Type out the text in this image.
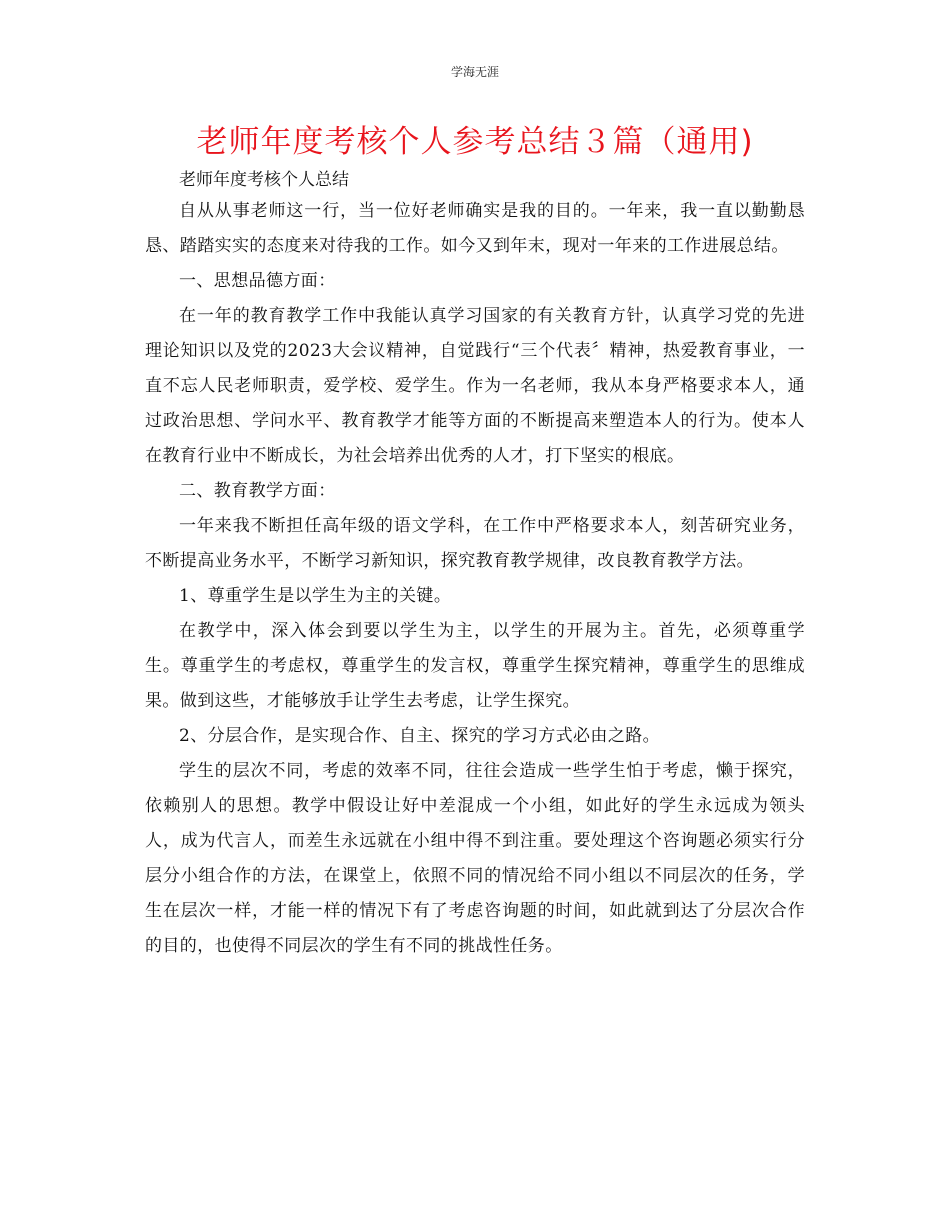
学海无涯
老师年度考核个人参考总结３篇（通用)

老师年度考核个人总结

自从从事老师这一行，当一位好老师确实是我的目的。一年来，我一直以勤勤恳恳、踏踏实实的态度来对待我的工作。如今又到年末，现对一年来的工作进展总结。

一、思想品德方面：

在一年的教育教学工作中我能认真学习国家的有关教育方针，认真学习党的先进理论知识以及党的2023大会议精神，自觉践行“三个代表〞精神，热爱教育事业，一直不忘人民老师职责，爱学校、爱学生。作为一名老师，我从本身严格要求本人，通过政治思想、学问水平、教育教学才能等方面的不断提高来塑造本人的行为。使本人在教育行业中不断成长，为社会培养出优秀的人才，打下坚实的根底。

二、教育教学方面：

一年来我不断担任高年级的语文学科，在工作中严格要求本人，刻苦研究业务，不断提高业务水平，不断学习新知识，探究教育教学规律，改良教育教学方法。

1、尊重学生是以学生为主的关键。

在教学中，深入体会到要以学生为主，以学生的开展为主。首先，必须尊重学生。尊重学生的考虑权，尊重学生的发言权，尊重学生探究精神，尊重学生的思维成果。做到这些，才能够放手让学生去考虑，让学生探究。

2、分层合作，是实现合作、自主、探究的学习方式必由之路。

学生的层次不同，考虑的效率不同，往往会造成一些学生怕于考虑，懒于探究，依赖别人的思想。教学中假设让好中差混成一个小组，如此好的学生永远成为领头人，成为代言人，而差生永远就在小组中得不到注重。要处理这个咨询题必须实行分层分小组合作的方法，在课堂上，依照不同的情况给不同小组以不同层次的任务，学生在层次一样，才能一样的情况下有了考虑咨询题的时间，如此就到达了分层次合作的目的，也使得不同层次的学生有不同的挑战性任务。
